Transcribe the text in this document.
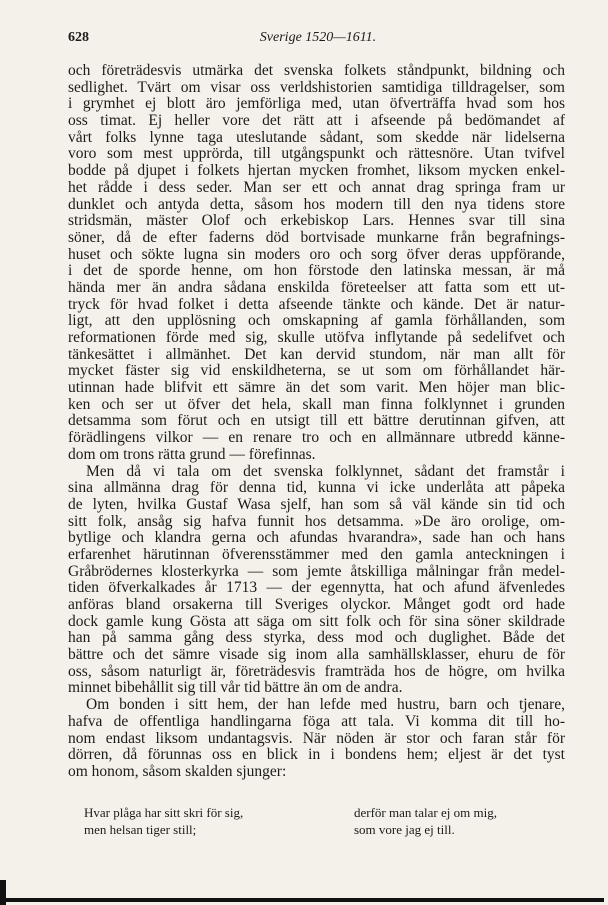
628	Sverige 1520—1611.
och företrädesvis utmärka det svenska folkets ståndpunkt, bildning och
sedlighet. Tvärt om visar oss verldshistorien samtidiga tilldragelser, som
i grymhet ej blott äro jemförliga med, utan öfverträffa hvad som hos
oss timat. Ej heller vore det rätt att i afseende på bedömandet af
vårt folks lynne taga uteslutande sådant, som skedde när lidelserna
voro som mest upprörda, till utgångspunkt och rättesnöre. Utan tvifvel
bodde på djupet i folkets hjertan mycken fromhet, liksom mycken enkel-
het rådde i dess seder. Man ser ett och annat drag springa fram ur
dunklet och antyda detta, såsom hos modern till den nya tidens store
stridsmän, mäster Olof och erkebiskop Lars. Hennes svar till sina
söner, då de efter faderns död bortvisade munkarne från begrafnings-
huset och sökte lugna sin moders oro och sorg öfver deras uppförande,
i det de sporde henne, om hon förstode den latinska messan, är må
hända mer än andra sådana enskilda företeelser att fatta som ett ut-
tryck för hvad folket i detta afseende tänkte och kände. Det är natur-
ligt, att den upplösning och omskapning af gamla förhållanden, som
reformationen förde med sig, skulle utöfva inflytande på sedelifvet och
tänkesättet i allmänhet. Det kan dervid stundom, när man allt för
mycket fäster sig vid enskildheterna, se ut som om förhållandet här-
utinnan hade blifvit ett sämre än det som varit. Men höjer man blic-
ken och ser ut öfver det hela, skall man finna folklynnet i grunden
detsamma som förut och en utsigt till ett bättre derutinnan gifven, att
förädlingens vilkor — en renare tro och en allmännare utbredd känne-
dom om trons rätta grund — förefinnas.
Men då vi tala om det svenska folklynnet, sådant det framstår i
sina allmänna drag för denna tid, kunna vi icke underlåta att påpeka
de lyten, hvilka Gustaf Wasa sjelf, han som så väl kände sin tid och
sitt folk, ansåg sig hafva funnit hos detsamma. »De äro orolige, om-
bytlige och klandra gerna och afundas hvarandra», sade han och hans
erfarenhet härutinnan öfverensstämmer med den gamla anteckningen i
Gråbrödernes klosterkyrka — som jemte åtskilliga målningar från medel-
tiden öfverkalkades år 1713 — der egennytta, hat och afund äfvenledes
anföras bland orsakerna till Sveriges olyckor. Månget godt ord hade
dock gamle kung Gösta att säga om sitt folk och för sina söner skildrade
han på samma gång dess styrka, dess mod och duglighet. Både det
bättre och det sämre visade sig inom alla samhällsklasser, ehuru de för
oss, såsom naturligt är, företrädesvis framträda hos de högre, om hvilka
minnet bibehållit sig till vår tid bättre än om de andra.
Om bonden i sitt hem, der han lefde med hustru, barn och tjenare,
hafva de offentliga handlingarna föga att tala. Vi komma dit till ho-
nom endast liksom undantagsvis. När nöden är stor och faran står för
dörren, då förunnas oss en blick in i bondens hem; eljest är det tyst
om honom, såsom skalden sjunger:
Hvar plåga har sitt skri för sig,
men helsan tiger still;
derför man talar ej om mig,
som vore jag ej till.
